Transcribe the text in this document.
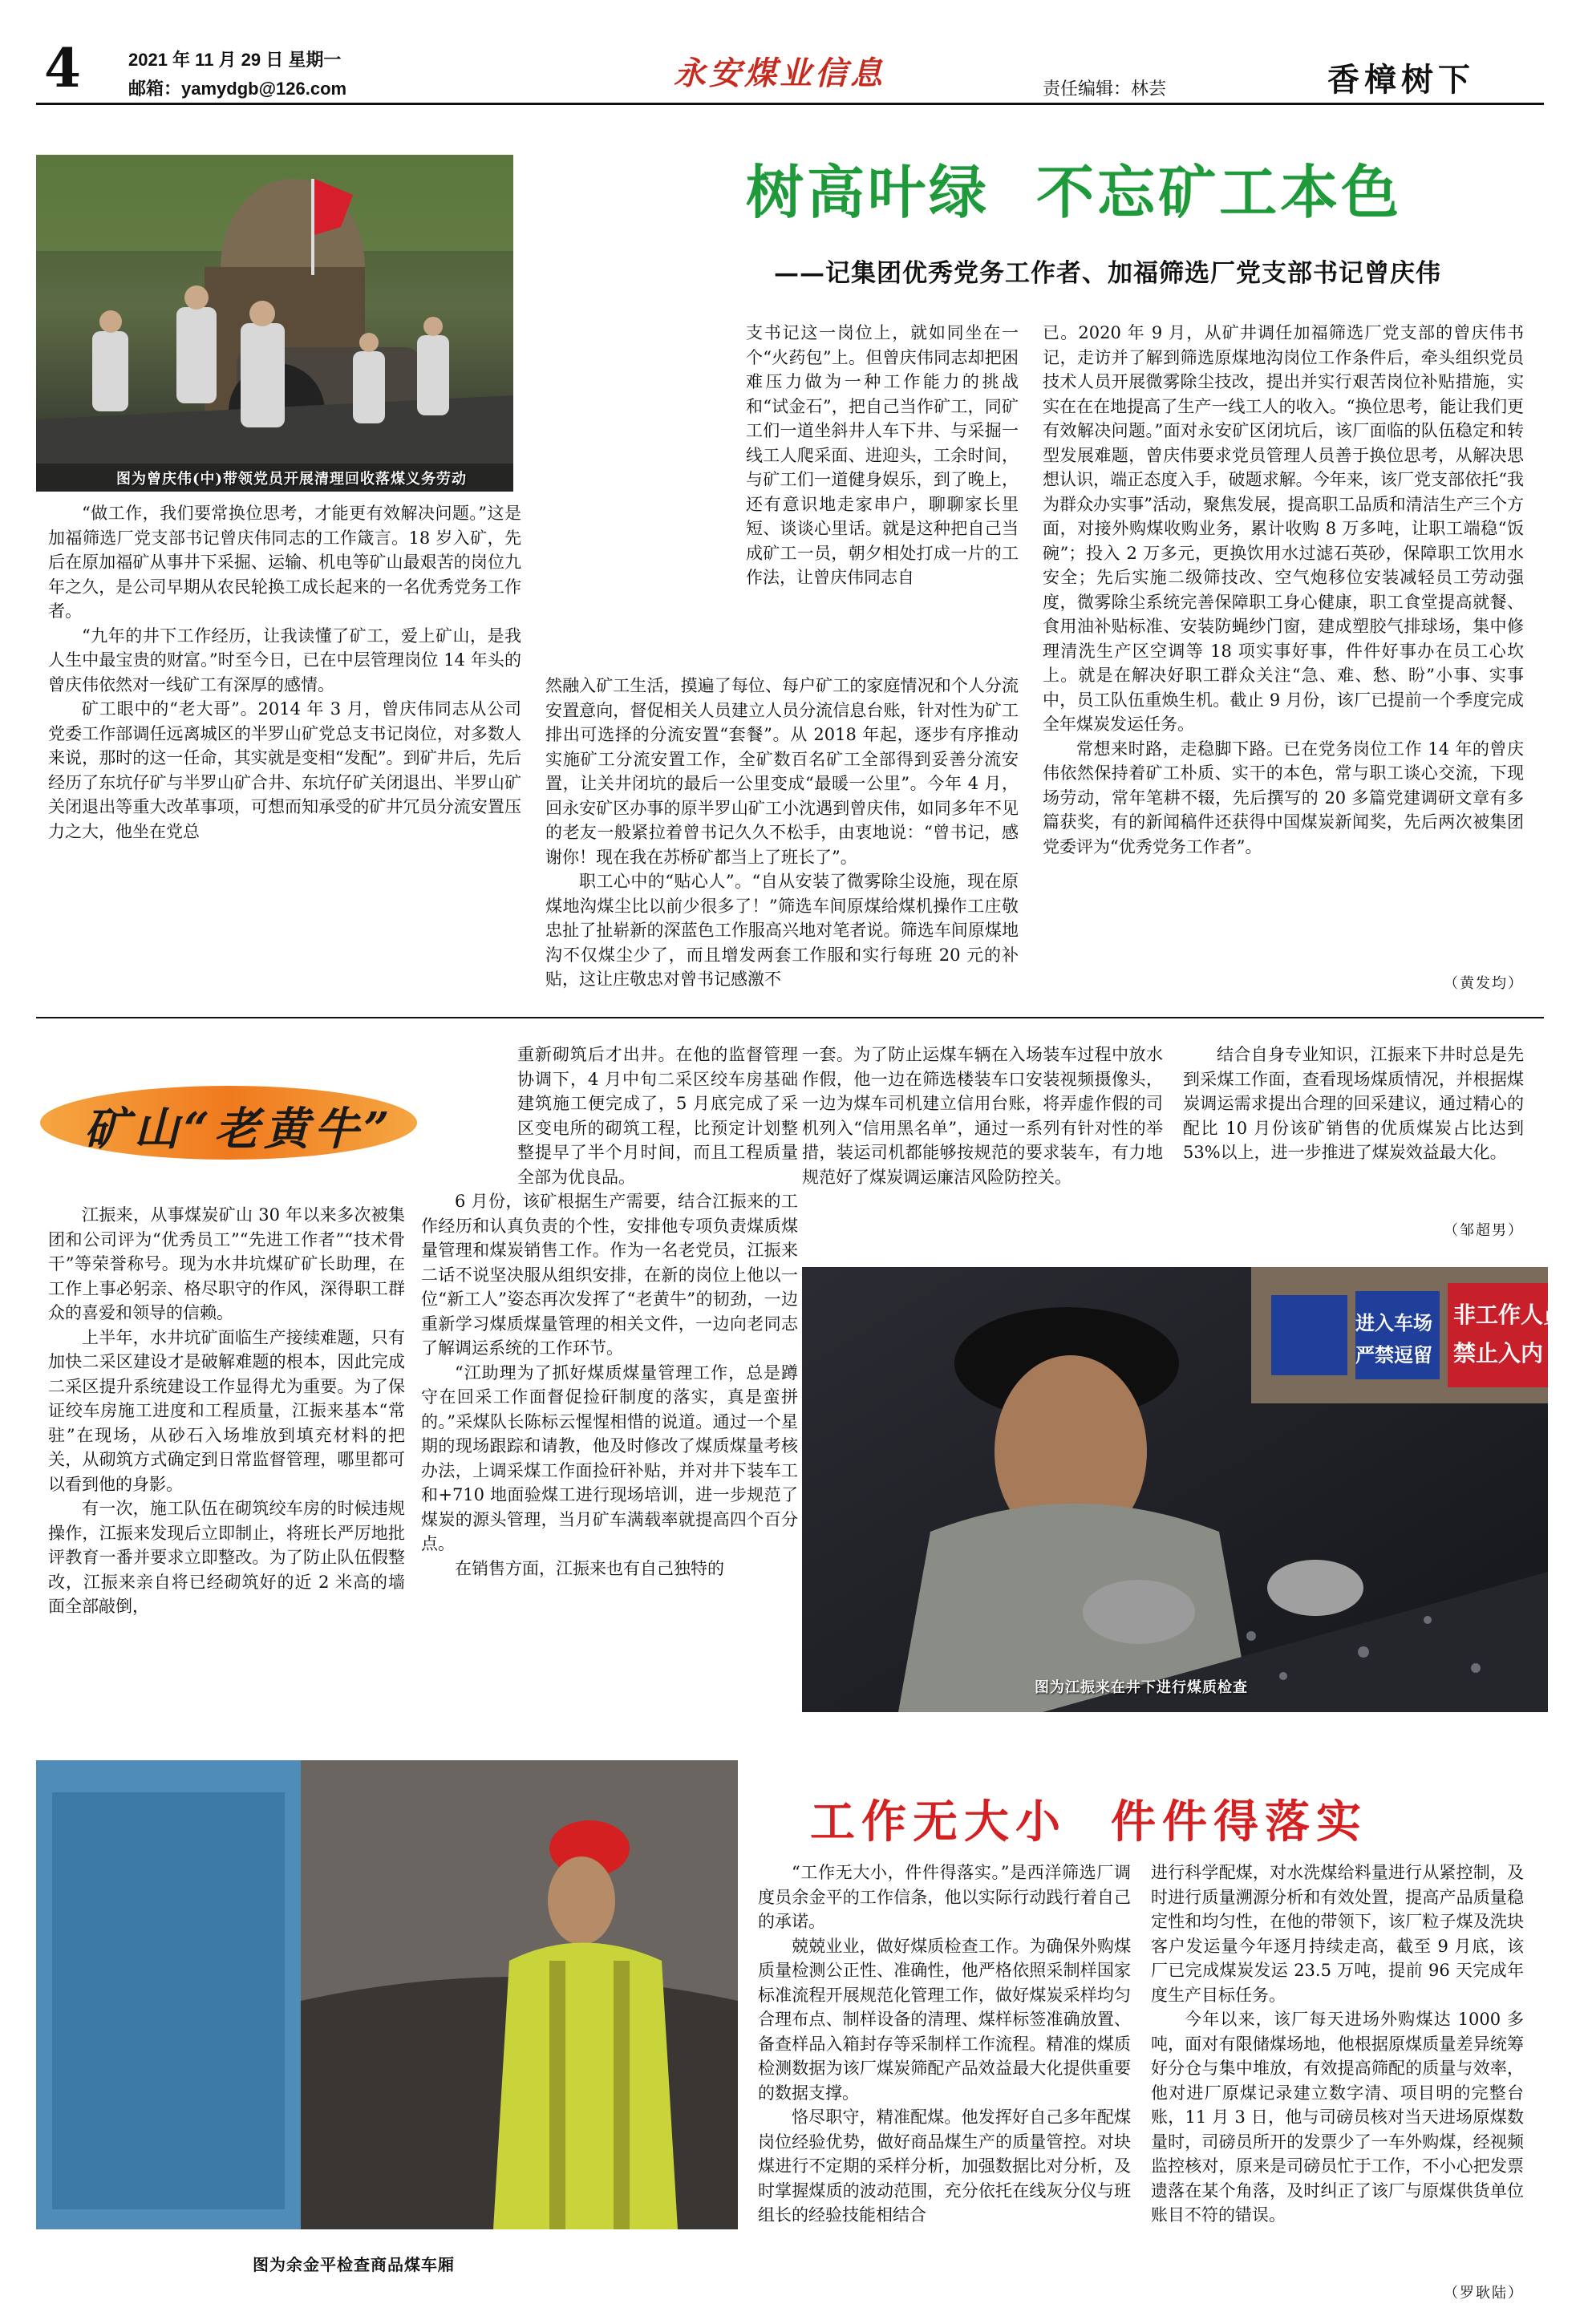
4	2021 年 11 月 29 日 星期一
邮箱：yamydgb@126.com	永安煤业信息	责任编辑：林芸	香樟树下
图为曾庆伟(中)带领党员开展清理回收落煤义务劳动
树高叶绿  不忘矿工本色
——记集团优秀党务工作者、加福筛选厂党支部书记曾庆伟

“做工作，我们要常换位思考，才能更有效解决问题。”这是加福筛选厂党支部书记曾庆伟同志的工作箴言。18 岁入矿，先后在原加福矿从事井下采掘、运输、机电等矿山最艰苦的岗位九年之久，是公司早期从农民轮换工成长起来的一名优秀党务工作者。

“九年的井下工作经历，让我读懂了矿工，爱上矿山，是我人生中最宝贵的财富。”时至今日，已在中层管理岗位 14 年头的曾庆伟依然对一线矿工有深厚的感情。

矿工眼中的“老大哥”。2014 年 3 月，曾庆伟同志从公司党委工作部调任远离城区的半罗山矿党总支书记岗位，对多数人来说，那时的这一任命，其实就是变相“发配”。到矿井后，先后经历了东坑仔矿与半罗山矿合井、东坑仔矿关闭退出、半罗山矿关闭退出等重大改革事项，可想而知承受的矿井冗员分流安置压力之大，他坐在党总

支书记这一岗位上，就如同坐在一个“火药包”上。但曾庆伟同志却把困难压力做为一种工作能力的挑战和“试金石”，把自己当作矿工，同矿工们一道坐斜井人车下井、与采掘一线工人爬采面、进迎头，工余时间，与矿工们一道健身娱乐，到了晚上，还有意识地走家串户，聊聊家长里短、谈谈心里话。就是这种把自己当成矿工一员，朝夕相处打成一片的工作法，让曾庆伟同志自

然融入矿工生活，摸遍了每位、每户矿工的家庭情况和个人分流安置意向，督促相关人员建立人员分流信息台账，针对性为矿工排出可选择的分流安置“套餐”。从 2018 年起，逐步有序推动实施矿工分流安置工作，全矿数百名矿工全部得到妥善分流安置，让关井闭坑的最后一公里变成“最暖一公里”。今年 4 月，回永安矿区办事的原半罗山矿工小沈遇到曾庆伟，如同多年不见的老友一般紧拉着曾书记久久不松手，由衷地说：“曾书记，感谢你！现在我在苏桥矿都当上了班长了”。

职工心中的“贴心人”。“自从安装了微雾除尘设施，现在原煤地沟煤尘比以前少很多了！”筛选车间原煤给煤机操作工庄敬忠扯了扯崭新的深蓝色工作服高兴地对笔者说。筛选车间原煤地沟不仅煤尘少了，而且增发两套工作服和实行每班 20 元的补贴，这让庄敬忠对曾书记感激不

已。2020 年 9 月，从矿井调任加福筛选厂党支部的曾庆伟书记，走访并了解到筛选原煤地沟岗位工作条件后，牵头组织党员技术人员开展微雾除尘技改，提出并实行艰苦岗位补贴措施，实实在在在地提高了生产一线工人的收入。“换位思考，能让我们更有效解决问题。”面对永安矿区闭坑后，该厂面临的队伍稳定和转型发展难题，曾庆伟要求党员管理人员善于换位思考，从解决思想认识，端正态度入手，破题求解。今年来，该厂党支部依托“我为群众办实事”活动，聚焦发展，提高职工品质和清洁生产三个方面，对接外购煤收购业务，累计收购 8 万多吨，让职工端稳“饭碗”；投入 2 万多元，更换饮用水过滤石英砂，保障职工饮用水安全；先后实施二级筛技改、空气炮移位安装减轻员工劳动强度，微雾除尘系统完善保障职工身心健康，职工食堂提高就餐、食用油补贴标准、安装防蝇纱门窗，建成塑胶气排球场，集中修理清洗生产区空调等 18 项实事好事，件件好事办在员工心坎上。就是在解决好职工群众关注“急、难、愁、盼”小事、实事中，员工队伍重焕生机。截止 9 月份，该厂已提前一个季度完成全年煤炭发运任务。

常想来时路，走稳脚下路。已在党务岗位工作 14 年的曾庆伟依然保持着矿工朴质、实干的本色，常与职工谈心交流，下现场劳动，常年笔耕不辍，先后撰写的 20 多篇党建调研文章有多篇获奖，有的新闻稿件还获得中国煤炭新闻奖，先后两次被集团党委评为“优秀党务工作者”。

（黄发均）
矿山“老黄牛”

江振来，从事煤炭矿山 30 年以来多次被集团和公司评为“优秀员工”“先进工作者”“技术骨干”等荣誉称号。现为水井坑煤矿矿长助理，在工作上事必躬亲、格尽职守的作风，深得职工群众的喜爱和领导的信赖。

上半年，水井坑矿面临生产接续难题，只有加快二采区建设才是破解难题的根本，因此完成二采区提升系统建设工作显得尤为重要。为了保证绞车房施工进度和工程质量，江振来基本“常驻”在现场，从砂石入场堆放到填充材料的把关，从砌筑方式确定到日常监督管理，哪里都可以看到他的身影。

有一次，施工队伍在砌筑绞车房的时候违规操作，江振来发现后立即制止，将班长严厉地批评教育一番并要求立即整改。为了防止队伍假整改，江振来亲自将已经砌筑好的近 2 米高的墙面全部敲倒，

重新砌筑后才出井。在他的监督管理协调下，4 月中旬二采区绞车房基础建筑施工便完成了，5 月底完成了采区变电所的砌筑工程，比预定计划整整提早了半个月时间，而且工程质量全部为优良品。

6 月份，该矿根据生产需要，结合江振来的工作经历和认真负责的个性，安排他专项负责煤质煤量管理和煤炭销售工作。作为一名老党员，江振来二话不说坚决服从组织安排，在新的岗位上他以一位“新工人”姿态再次发挥了“老黄牛”的韧劲，一边重新学习煤质煤量管理的相关文件，一边向老同志了解调运系统的工作环节。

“江助理为了抓好煤质煤量管理工作，总是蹲守在回采工作面督促捡矸制度的落实，真是蛮拼的。”采煤队长陈标云惺惺相惜的说道。通过一个星期的现场跟踪和请教，他及时修改了煤质煤量考核办法，上调采煤工作面捡矸补贴，并对井下装车工和+710 地面验煤工进行现场培训，进一步规范了煤炭的源头管理，当月矿车满载率就提高四个百分点。

在销售方面，江振来也有自己独特的

一套。为了防止运煤车辆在入场装车过程中放水作假，他一边在筛选楼装车口安装视频摄像头，一边为煤车司机建立信用台账，将弄虚作假的司机列入“信用黑名单”，通过一系列有针对性的举措，装运司机都能够按规范的要求装车，有力地规范好了煤炭调运廉洁风险防控关。

结合自身专业知识，江振来下井时总是先到采煤工作面，查看现场煤质情况，并根据煤炭调运需求提出合理的回采建议，通过精心的配比 10 月份该矿销售的优质煤炭占比达到 53%以上，进一步推进了煤炭效益最大化。

（邹超男）
进入车场
严禁逗留
非工作人员
禁止入内
图为江振来在井下进行煤质检查
图为余金平检查商品煤车厢
工作无大小  件件得落实

“工作无大小，件件得落实。”是西洋筛选厂调度员余金平的工作信条，他以实际行动践行着自己的承诺。

兢兢业业，做好煤质检查工作。为确保外购煤质量检测公正性、准确性，他严格依照采制样国家标准流程开展规范化管理工作，做好煤炭采样均匀合理布点、制样设备的清理、煤样标签准确放置、备查样品入箱封存等采制样工作流程。精准的煤质检测数据为该厂煤炭筛配产品效益最大化提供重要的数据支撑。

恪尽职守，精准配煤。他发挥好自己多年配煤岗位经验优势，做好商品煤生产的质量管控。对块煤进行不定期的采样分析，加强数据比对分析，及时掌握煤质的波动范围，充分依托在线灰分仪与班组长的经验技能相结合

进行科学配煤，对水洗煤给料量进行从紧控制，及时进行质量溯源分析和有效处置，提高产品质量稳定性和均匀性，在他的带领下，该厂粒子煤及洗块客户发运量今年逐月持续走高，截至 9 月底，该厂已完成煤炭发运 23.5 万吨，提前 96 天完成年度生产目标任务。

今年以来，该厂每天进场外购煤达 1000 多吨，面对有限储煤场地，他根据原煤质量差异统筹好分仓与集中堆放，有效提高筛配的质量与效率，他对进厂原煤记录建立数字清、项目明的完整台账，11 月 3 日，他与司磅员核对当天进场原煤数量时，司磅员所开的发票少了一车外购煤，经视频监控核对，原来是司磅员忙于工作，不小心把发票遗落在某个角落，及时纠正了该厂与原煤供货单位账目不符的错误。

（罗耿陆）
